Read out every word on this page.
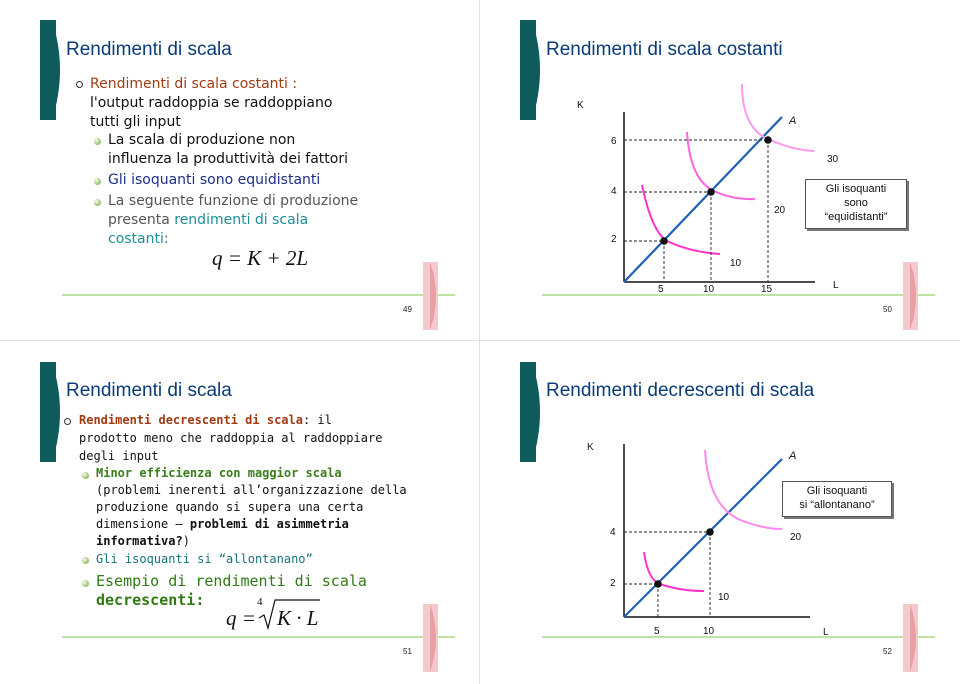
Rendimenti di scala
Rendimenti di scala costanti :
l'output raddoppia se raddoppiano
tutti gli input
La scala di produzione non
influenza la produttività dei fattori
Gli isoquanti sono equidistanti
La seguente funzione di produzione
presenta rendimenti di scala
costanti:
q = K + 2L
49
Rendimenti di scala costanti
K
L
A
6
4
2
5	10	15
10
20
30
Gli isoquanti
sono
“equidistanti”
50
Rendimenti di scala
Rendimenti decrescenti di scala: il
prodotto meno che raddoppia al raddoppiare
degli input
Minor efficienza con maggior scala
(problemi inerenti all’organizzazione della
produzione quando si supera una certa
dimensione – problemi di asimmetria
informativa?)
Gli isoquanti si “allontanano”
Esempio di rendimenti di scala
decrescenti:
q =
4
K · L
51
Rendimenti decrescenti di scala
K
L
A
4
2
5	10
10
20
Gli isoquanti
si “allontanano”
52
